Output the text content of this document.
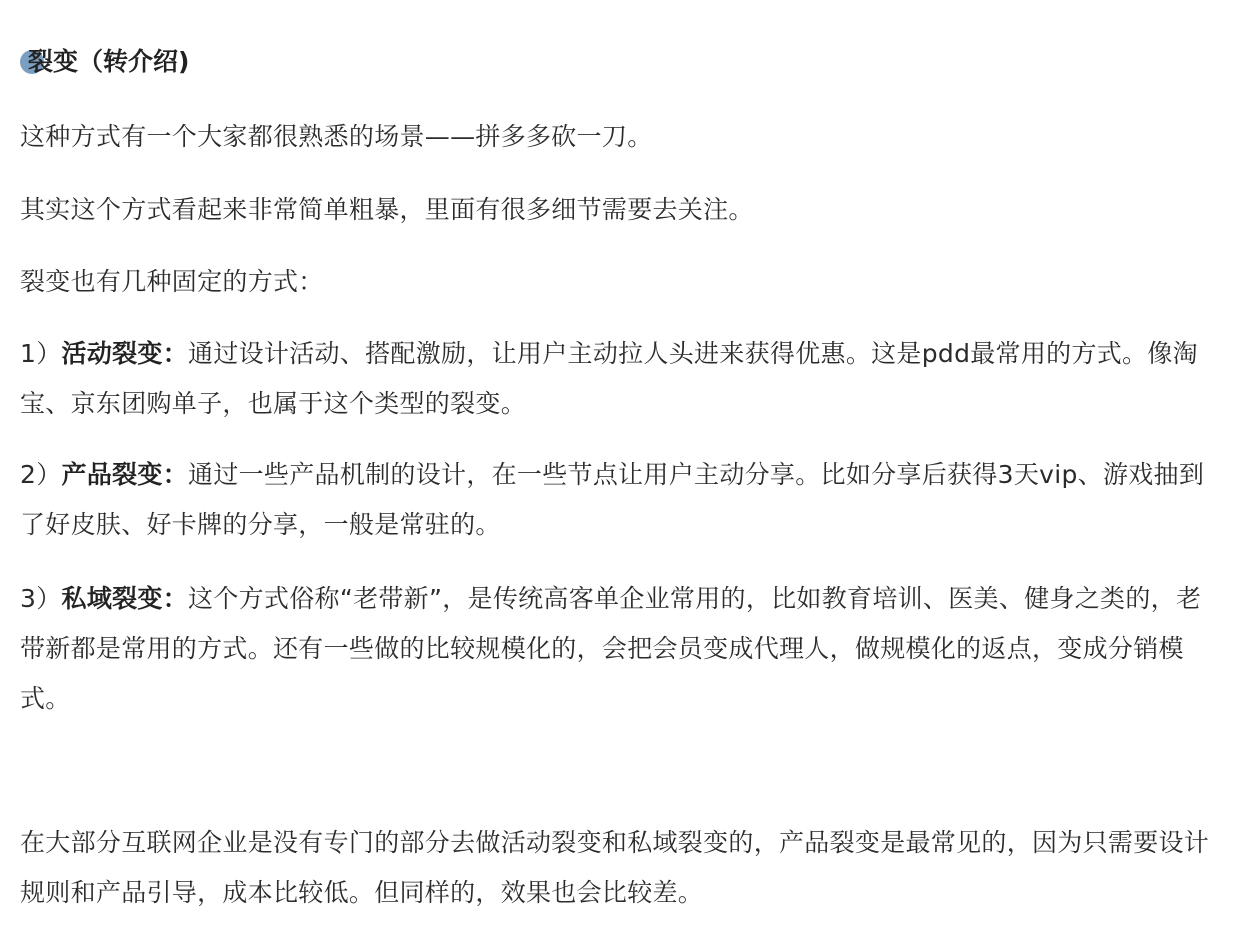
裂变（转介绍)

这种方式有一个大家都很熟悉的场景——拼多多砍一刀。

其实这个方式看起来非常简单粗暴，里面有很多细节需要去关注。

裂变也有几种固定的方式：

1）活动裂变：通过设计活动、搭配激励，让用户主动拉人头进来获得优惠。这是pdd最常用的方式。像淘宝、京东团购单子，也属于这个类型的裂变。

2）产品裂变：通过一些产品机制的设计，在一些节点让用户主动分享。比如分享后获得3天vip、游戏抽到了好皮肤、好卡牌的分享，一般是常驻的。

3）私域裂变：这个方式俗称“老带新”，是传统高客单企业常用的，比如教育培训、医美、健身之类的，老带新都是常用的方式。还有一些做的比较规模化的，会把会员变成代理人，做规模化的返点，变成分销模式。

在大部分互联网企业是没有专门的部分去做活动裂变和私域裂变的，产品裂变是最常见的，因为只需要设计规则和产品引导，成本比较低。但同样的，效果也会比较差。
